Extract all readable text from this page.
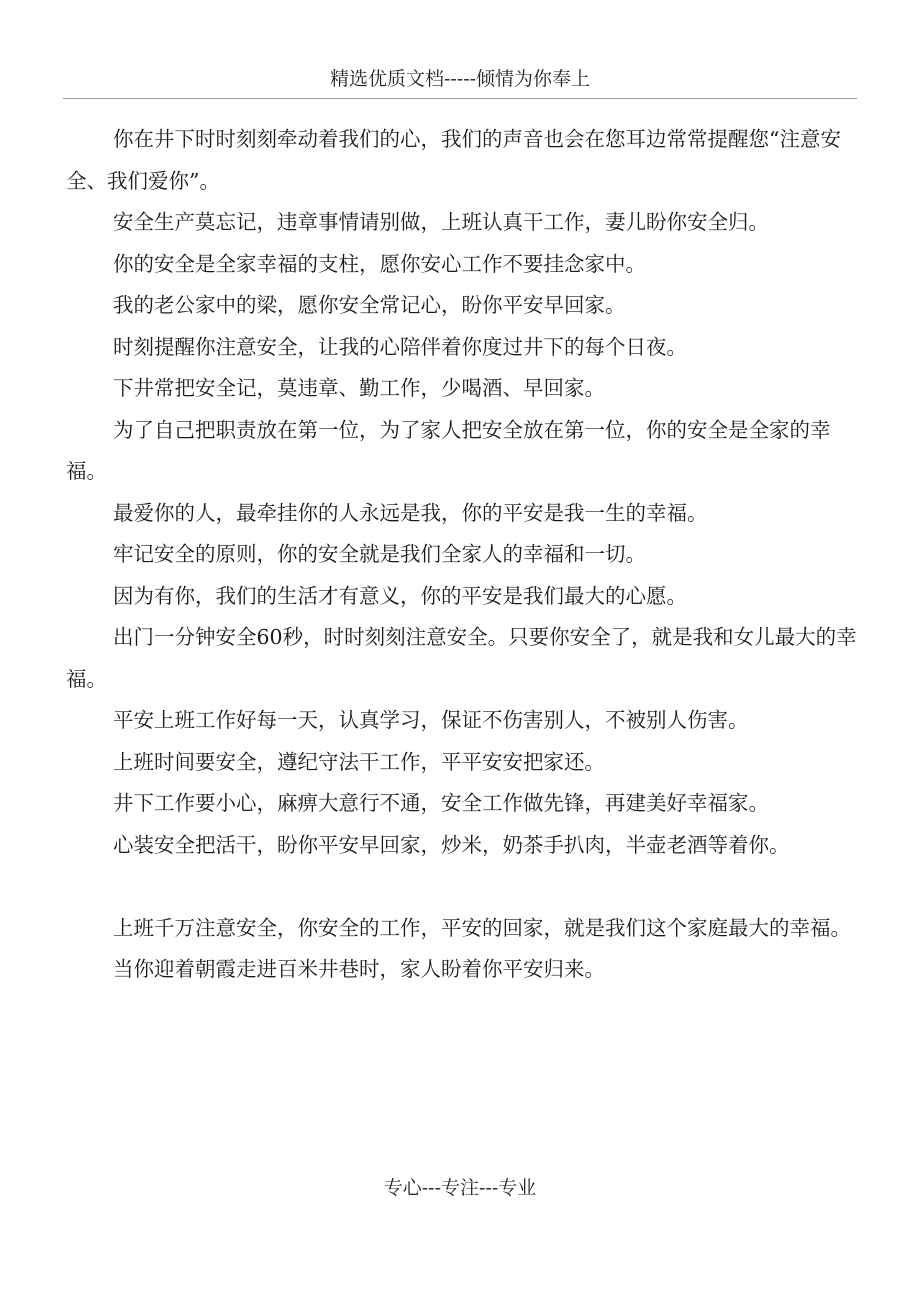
精选优质文档-----倾情为你奉上

你在井下时时刻刻牵动着我们的心，我们的声音也会在您耳边常常提醒您“注意安全、我们爱你”。

安全生产莫忘记，违章事情请别做，上班认真干工作，妻儿盼你安全归。

你的安全是全家幸福的支柱，愿你安心工作不要挂念家中。

我的老公家中的梁，愿你安全常记心，盼你平安早回家。

时刻提醒你注意安全，让我的心陪伴着你度过井下的每个日夜。

下井常把安全记，莫违章、勤工作，少喝酒、早回家。

为了自己把职责放在第一位，为了家人把安全放在第一位，你的安全是全家的幸福。

最爱你的人，最牵挂你的人永远是我，你的平安是我一生的幸福。

牢记安全的原则，你的安全就是我们全家人的幸福和一切。

因为有你，我们的生活才有意义，你的平安是我们最大的心愿。

出门一分钟安全60秒，时时刻刻注意安全。只要你安全了，就是我和女儿最大的幸福。

平安上班工作好每一天，认真学习，保证不伤害别人，不被别人伤害。

上班时间要安全，遵纪守法干工作，平平安安把家还。

井下工作要小心，麻痹大意行不通，安全工作做先锋，再建美好幸福家。

心装安全把活干，盼你平安早回家，炒米，奶茶手扒肉，半壶老酒等着你。

上班千万注意安全，你安全的工作，平安的回家，就是我们这个家庭最大的幸福。

当你迎着朝霞走进百米井巷时，家人盼着你平安归来。

专心---专注---专业
